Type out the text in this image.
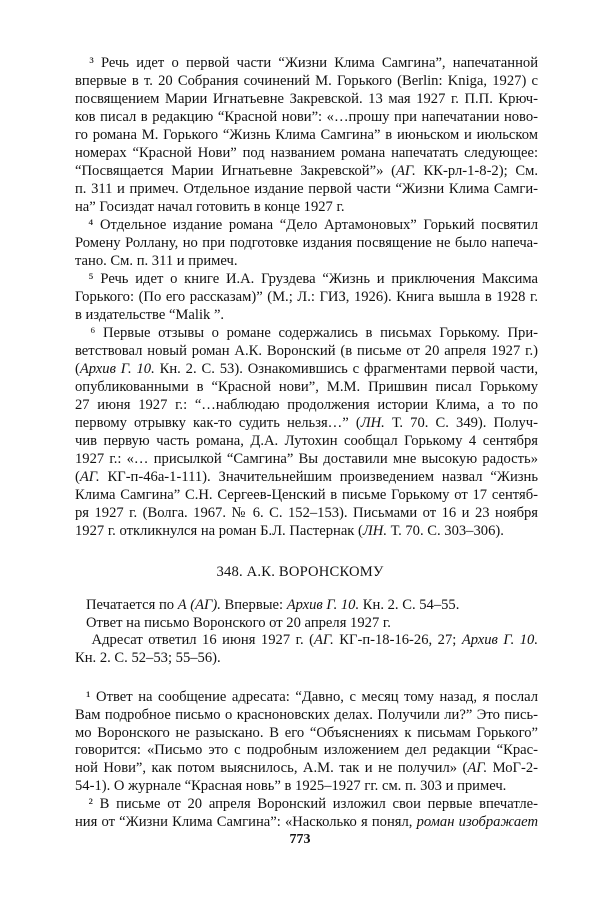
³ Речь идет о первой части “Жизни Клима Самгина”, напечатанной
впервые в т. 20 Собрания сочинений М. Горького (Berlin: Kniga, 1927) с
посвящением Марии Игнатьевне Закревской. 13 мая 1927 г. П.П. Крюч-
ков писал в редакцию “Красной нови”: «…прошу при напечатании ново-
го романа М. Горького “Жизнь Клима Самгина” в июньском и июльском
номерах “Красной Нови” под названием романа напечатать следующее:
“Посвящается Марии Игнатьевне Закревской”» (АГ. КК-рл-1-8-2); См.
п. 311 и примеч. Отдельное издание первой части “Жизни Клима Самги-
на” Госиздат начал готовить в конце 1927 г.
⁴ Отдельное издание романа “Дело Артамоновых” Горький посвятил
Ромену Роллану, но при подготовке издания посвящение не было напеча-
тано. См. п. 311 и примеч.
⁵ Речь идет о книге И.А. Груздева “Жизнь и приключения Максима
Горького: (По его рассказам)” (М.; Л.: ГИЗ, 1926). Книга вышла в 1928 г.
в издательстве “Malik ”.
⁶ Первые отзывы о романе содержались в письмах Горькому. При-
ветствовал новый роман А.К. Воронский (в письме от 20 апреля 1927 г.)
(Архив Г. 10. Кн. 2. С. 53). Ознакомившись с фрагментами первой части,
опубликованными в “Красной нови”, М.М. Пришвин писал Горькому
27 июня 1927 г.: “…наблюдаю продолжения истории Клима, а то по
первому отрывку как-то судить нельзя…” (ЛН. Т. 70. С. 349). Получ-
чив первую часть романа, Д.А. Лутохин сообщал Горькому 4 сентября
1927 г.: «… присылкой “Самгина” Вы доставили мне высокую радость»
(АГ. КГ-п-46а-1-111). Значительнейшим произведением назвал “Жизнь
Клима Самгина” С.Н. Сергеев-Ценский в письме Горькому от 17 сентяб-
ря 1927 г. (Волга. 1967. № 6. С. 152–153). Письмами от 16 и 23 ноября
1927 г. откликнулся на роман Б.Л. Пастернак (ЛН. Т. 70. С. 303–306).
348. А.К. ВОРОНСКОМУ
Печатается по А (АГ). Впервые: Архив Г. 10. Кн. 2. С. 54–55.
Ответ на письмо Воронского от 20 апреля 1927 г.
Адресат ответил 16 июня 1927 г. (АГ. КГ-п-18-16-26, 27; Архив Г. 10.
Кн. 2. С. 52–53; 55–56).
¹ Ответ на сообщение адресата: “Давно, с месяц тому назад, я послал
Вам подробное письмо о красноновских делах. Получили ли?” Это пись-
мо Воронского не разыскано. В его “Объяснениях к письмам Горького”
говорится: «Письмо это с подробным изложением дел редакции “Крас-
ной Нови”, как потом выяснилось, А.М. так и не получил» (АГ. МоГ-2-
54-1). О журнале “Красная новь” в 1925–1927 гг. см. п. 303 и примеч.
² В письме от 20 апреля Воронский изложил свои первые впечатле-
ния от “Жизни Клима Самгина”: «Насколько я понял, роман изображает
773
